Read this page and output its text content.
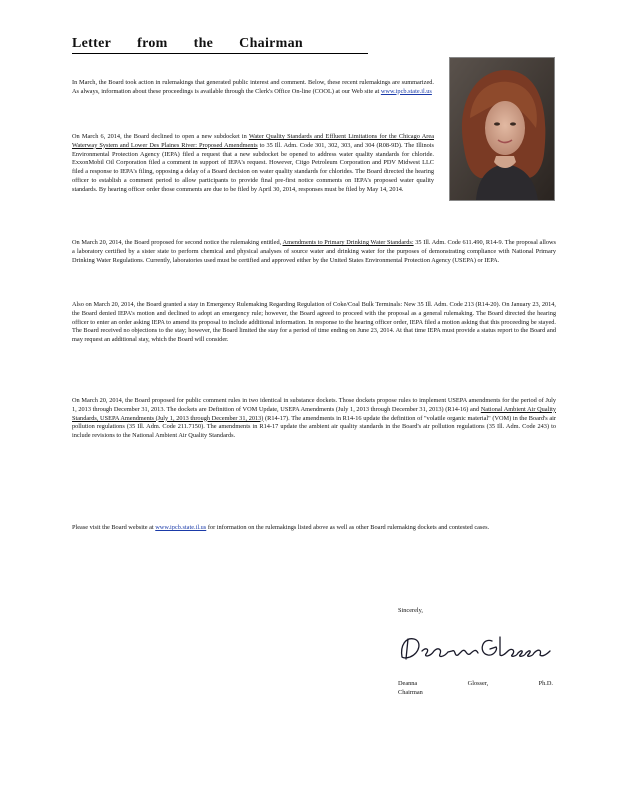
Letter from the Chairman

In March, the Board took action in rulemakings that generated public interest and comment. Below, these recent rulemakings are summarized. As always, information about these proceedings is available through the Clerk's Office On-line (COOL) at our Web site at www.ipcb.state.il.us

On March 6, 2014, the Board declined to open a new subdocket in Water Quality Standards and Effluent Limitations for the Chicago Area Waterway System and Lower Des Plaines River: Proposed Amendments to 35 Ill. Adm. Code 301, 302, 303, and 304 (R08-9D). The Illinois Environmental Protection Agency (IEPA) filed a request that a new subdocket be opened to address water quality standards for chloride. ExxonMobil Oil Corporation filed a comment in support of IEPA's request. However, Citgo Petroleum Corporation and PDV Midwest LLC filed a response to IEPA's filing, opposing a delay of a Board decision on water quality standards for chlorides. The Board directed the hearing officer to establish a comment period to allow participants to provide final pre-first notice comments on IEPA's proposed water quality standards. By hearing officer order those comments are due to be filed by April 30, 2014, responses must be filed by May 14, 2014.

On March 20, 2014, the Board proposed for second notice the rulemaking entitled, Amendments to Primary Drinking Water Standards: 35 Ill. Adm. Code 611.490, R14-9. The proposal allows a laboratory certified by a sister state to perform chemical and physical analyses of source water and drinking water for the purposes of demonstrating compliance with National Primary Drinking Water Regulations. Currently, laboratories used must be certified and approved either by the United States Environmental Protection Agency (USEPA) or IEPA.

Also on March 20, 2014, the Board granted a stay in Emergency Rulemaking Regarding Regulation of Coke/Coal Bulk Terminals: New 35 Ill. Adm. Code 213 (R14-20). On January 23, 2014, the Board denied IEPA's motion and declined to adopt an emergency rule; however, the Board agreed to proceed with the proposal as a general rulemaking. The Board directed the hearing officer to enter an order asking IEPA to amend its proposal to include additional information. In response to the hearing officer order, IEPA filed a motion asking that this proceeding be stayed. The Board received no objections to the stay; however, the Board limited the stay for a period of time ending on June 23, 2014. At that time IEPA must provide a status report to the Board and may request an additional stay, which the Board will consider.

On March 20, 2014, the Board proposed for public comment rules in two identical in substance dockets. Those dockets propose rules to implement USEPA amendments for the period of July 1, 2013 through December 31, 2013. The dockets are Definition of VOM Update, USEPA Amendments (July 1, 2013 through December 31, 2013) (R14-16) and National Ambient Air Quality Standards, USEPA Amendments (July 1, 2013 through December 31, 2013) (R14-17). The amendments in R14-16 update the definition of "volatile organic material" (VOM) in the Board's air pollution regulations (35 Ill. Adm. Code 211.7150). The amendments in R14-17 update the ambient air quality standards in the Board's air pollution regulations (35 Ill. Adm. Code 243) to include revisions to the National Ambient Air Quality Standards.

Please visit the Board website at www.ipcb.state.il.us for information on the rulemakings listed above as well as other Board rulemaking dockets and contested cases.

Sincerely,
Deanna	Glosser,	Ph.D.
Chairman
